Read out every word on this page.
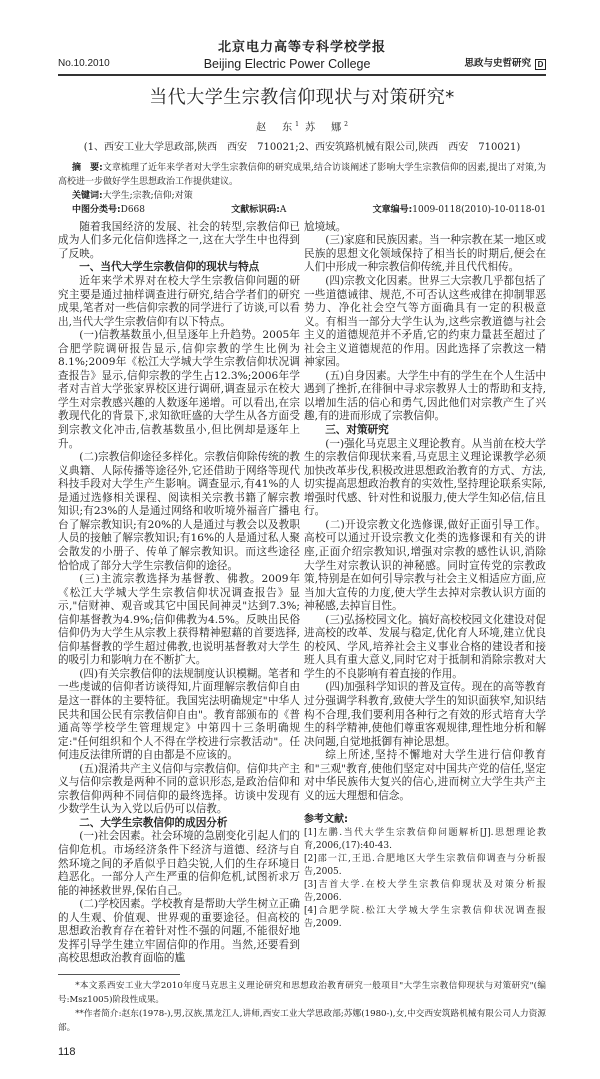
北京电力高等专科学校学报
No.10.2010	Beijing Electric Power College	思政与史哲研究 D
当代大学生宗教信仰现状与对策研究*
赵　东$^1$ 苏　娜$^2$
(1、西安工业大学思政部,陕西　西安　710021;2、西安筑路机械有限公司,陕西　西安　710021)
摘　要:文章梳理了近年来学者对大学生宗教信仰的研究成果,结合访谈阐述了影响大学生宗教信仰的因素,提出了对策,为高校进一步做好学生思想政治工作提供建议。
关键词:大学生;宗教;信仰;对策
中图分类号:D668	文献标识码:A	文章编号:1009-0118(2010)-10-0118-01

随着我国经济的发展、社会的转型,宗教信仰已成为人们多元化信仰选择之一,这在大学生中也得到了反映。

一、当代大学生宗教信仰的现状与特点

近年来学术界对在校大学生宗教信仰问题的研究主要是通过抽样调查进行研究,结合学者们的研究成果,笔者对一些信仰宗教的同学进行了访谈,可以看出,当代大学生宗教信仰有以下特点。

(一)信教基数虽小,但呈逐年上升趋势。2005年合肥学院调研报告显示,信仰宗教的学生比例为8.1%;2009年《松江大学城大学生宗教信仰状况调查报告》显示,信仰宗教的学生占12.3%;2006年学者对吉首大学张家界校区进行调研,调查显示在校大学生对宗教感兴趣的人数逐年递增。可以看出,在宗教现代化的背景下,求知欲旺盛的大学生从各方面受到宗教文化冲击,信教基数虽小,但比例却是逐年上升。

(二)宗教信仰途径多样化。宗教信仰除传统的教义典籍、人际传播等途径外,它还借助于网络等现代科技手段对大学生产生影响。调查显示,有41%的人是通过选修相关课程、阅读相关宗教书籍了解宗教知识;有23%的人是通过网络和收听境外福音广播电台了解宗教知识;有20%的人是通过与教会以及教职人员的接触了解宗教知识;有16%的人是通过私人聚会散发的小册子、传单了解宗教知识。而这些途径恰恰成了部分大学生宗教信仰的途径。

(三)主流宗教选择为基督教、佛教。2009年《松江大学城大学生宗教信仰状况调查报告》显示,"信财神、观音或其它中国民间神灵"达到7.3%;信仰基督教为4.9%;信仰佛教为4.5%。反映出民俗信仰仍为大学生从宗教上获得精神慰藉的首要选择,信仰基督教的学生超过佛教,也说明基督教对大学生的吸引力和影响力在不断扩大。

(四)有关宗教信仰的法规制度认识模糊。笔者和一些虔诚的信仰者访谈得知,片面理解宗教信仰自由是这一群体的主要特征。我国宪法明确规定"中华人民共和国公民有宗教信仰自由"。教育部颁布的《普通高等学校学生管理规定》中第四十三条明确规定:"任何组织和个人不得在学校进行宗教活动"。任何违反法律所谓的自由都是不应该的。

(五)混淆共产主义信仰与宗教信仰。信仰共产主义与信仰宗教是两种不同的意识形态,是政治信仰和宗教信仰两种不同信仰的最终选择。访谈中发现有少数学生认为入党以后仍可以信教。

二、大学生宗教信仰的成因分析

(一)社会因素。社会环境的急剧变化引起人们的信仰危机。市场经济条件下经济与道德、经济与自然环境之间的矛盾似乎日趋尖锐,人们的生存环境日趋恶化。一部分人产生严重的信仰危机,试图祈求万能的神拯救世界,保佑自己。

(二)学校因素。学校教育是帮助大学生树立正确的人生观、价值观、世界观的重要途径。但高校的思想政治教育存在着针对性不强的问题,不能很好地发挥引导学生建立牢固信仰的作用。当然,还要看到高校思想政治教育面临的尴

尬境域。

(三)家庭和民族因素。当一种宗教在某一地区或民族的思想文化领域保持了相当长的时期后,便会在人们中形成一种宗教信仰传统,并且代代相传。

(四)宗教文化因素。世界三大宗教几乎都包括了一些道德诫律、规范,不可否认这些戒律在抑制罪恶势力、净化社会空气等方面确具有一定的积极意义。有相当一部分大学生认为,这些宗教道德与社会主义的道德规范并不矛盾,它的约束力量甚至超过了社会主义道德规范的作用。因此选择了宗教这一精神家园。

(五)自身因素。大学生中有的学生在个人生活中遇到了挫折,在徘徊中寻求宗教界人士的帮助和支持,以增加生活的信心和勇气,因此他们对宗教产生了兴趣,有的进而形成了宗教信仰。

三、对策研究

(一)强化马克思主义理论教育。从当前在校大学生的宗教信仰现状来看,马克思主义理论课教学必须加快改革步伐,积极改进思想政治教育的方式、方法,切实提高思想政治教育的实效性,坚持理论联系实际,增强时代感、针对性和说服力,使大学生知必信,信且行。

(二)开设宗教文化选修课,做好正面引导工作。高校可以通过开设宗教文化类的选修课和有关的讲座,正面介绍宗教知识,增强对宗教的感性认识,消除大学生对宗教认识的神秘感。同时宣传党的宗教政策,特别是在如何引导宗教与社会主义相适应方面,应当加大宣传的力度,使大学生去掉对宗教认识方面的神秘感,去掉盲目性。

(三)弘扬校园文化。搞好高校校园文化建设对促进高校的改革、发展与稳定,优化育人环境,建立优良的校风、学风,培养社会主义事业合格的建设者和接班人具有重大意义,同时它对于抵制和消除宗教对大学生的不良影响有着直接的作用。

(四)加强科学知识的普及宣传。现在的高等教育过分强调学科教育,致使大学生的知识面狭窄,知识结构不合理,我们要利用各种行之有效的形式培育大学生的科学精神,使他们尊重客观规律,理性地分析和解决问题,自觉地抵御有神论思想。

综上所述,坚持不懈地对大学生进行信仰教育和"三观"教育,使他们坚定对中国共产党的信任,坚定对中华民族伟大复兴的信心,进而树立大学生共产主义的远大理想和信念。

参考文献:

[1]左鹏.当代大学生宗教信仰问题解析[J].思想理论教育,2006,(17):40-43.

[2]邵一江,王迅.合肥地区大学生宗教信仰调查与分析报告,2005.

[3]吉首大学.在校大学生宗教信仰现状及对策分析报告,2006.

[4]合肥学院.松江大学城大学生宗教信仰状况调查报告,2009.

*本文系西安工业大学2010年度马克思主义理论研究和思想政治教育研究一般项目"大学生宗教信仰现状与对策研究"(编号:Msz1005)阶段性成果。

**作者简介:赵东(1978-),男,汉族,黑龙江人,讲师,西安工业大学思政部;苏娜(1980-),女,中交西安筑路机械有限公司人力资源部。

118
